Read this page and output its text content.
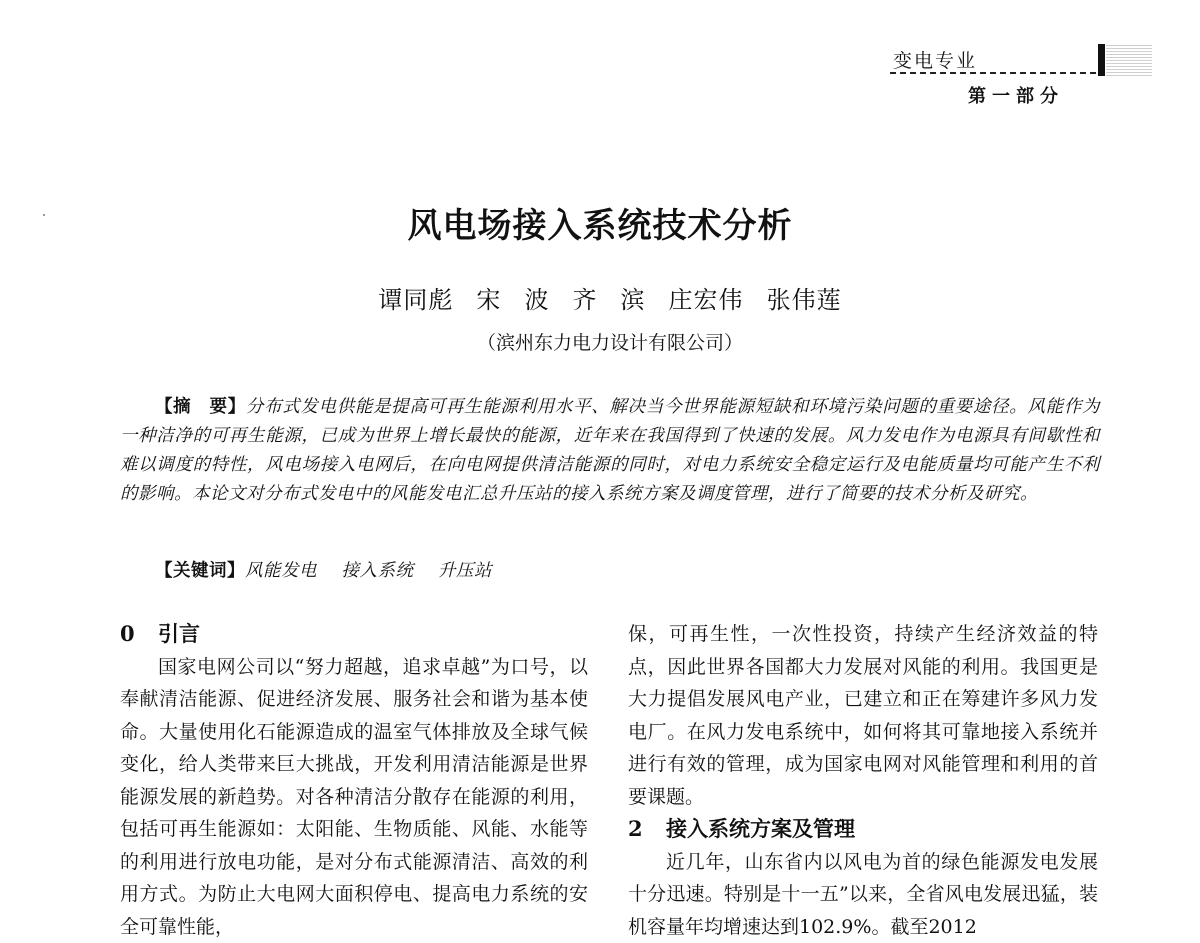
变电专业
第一部分
风电场接入系统技术分析
谭同彪 宋 波 齐 滨 庄宏伟 张伟莲
（滨州东力电力设计有限公司）
【摘　要】分布式发电供能是提高可再生能源利用水平、解决当今世界能源短缺和环境污染问题的重要途径。风能作为一种洁净的可再生能源，已成为世界上增长最快的能源，近年来在我国得到了快速的发展。风力发电作为电源具有间歇性和难以调度的特性，风电场接入电网后，在向电网提供清洁能源的同时，对电力系统安全稳定运行及电能质量均可能产生不利的影响。本论文对分布式发电中的风能发电汇总升压站的接入系统方案及调度管理，进行了简要的技术分析及研究。
【关键词】风能发电 接入系统 升压站

0 引言

国家电网公司以“努力超越，追求卓越”为口号，以奉献清洁能源、促进经济发展、服务社会和谐为基本使命。大量使用化石能源造成的温室气体排放及全球气候变化，给人类带来巨大挑战，开发利用清洁能源是世界能源发展的新趋势。对各种清洁分散存在能源的利用，包括可再生能源如：太阳能、生物质能、风能、水能等的利用进行放电功能，是对分布式能源清洁、高效的利用方式。为防止大电网大面积停电、提高电力系统的安全可靠性能，

保，可再生性，一次性投资，持续产生经济效益的特点，因此世界各国都大力发展对风能的利用。我国更是大力提倡发展风电产业，已建立和正在筹建许多风力发电厂。在风力发电系统中，如何将其可靠地接入系统并进行有效的管理，成为国家电网对风能管理和利用的首要课题。

2 接入系统方案及管理

近几年，山东省内以风电为首的绿色能源发电发展十分迅速。特别是十一五”以来，全省风电发展迅猛，装机容量年均增速达到102.9%。截至2012
